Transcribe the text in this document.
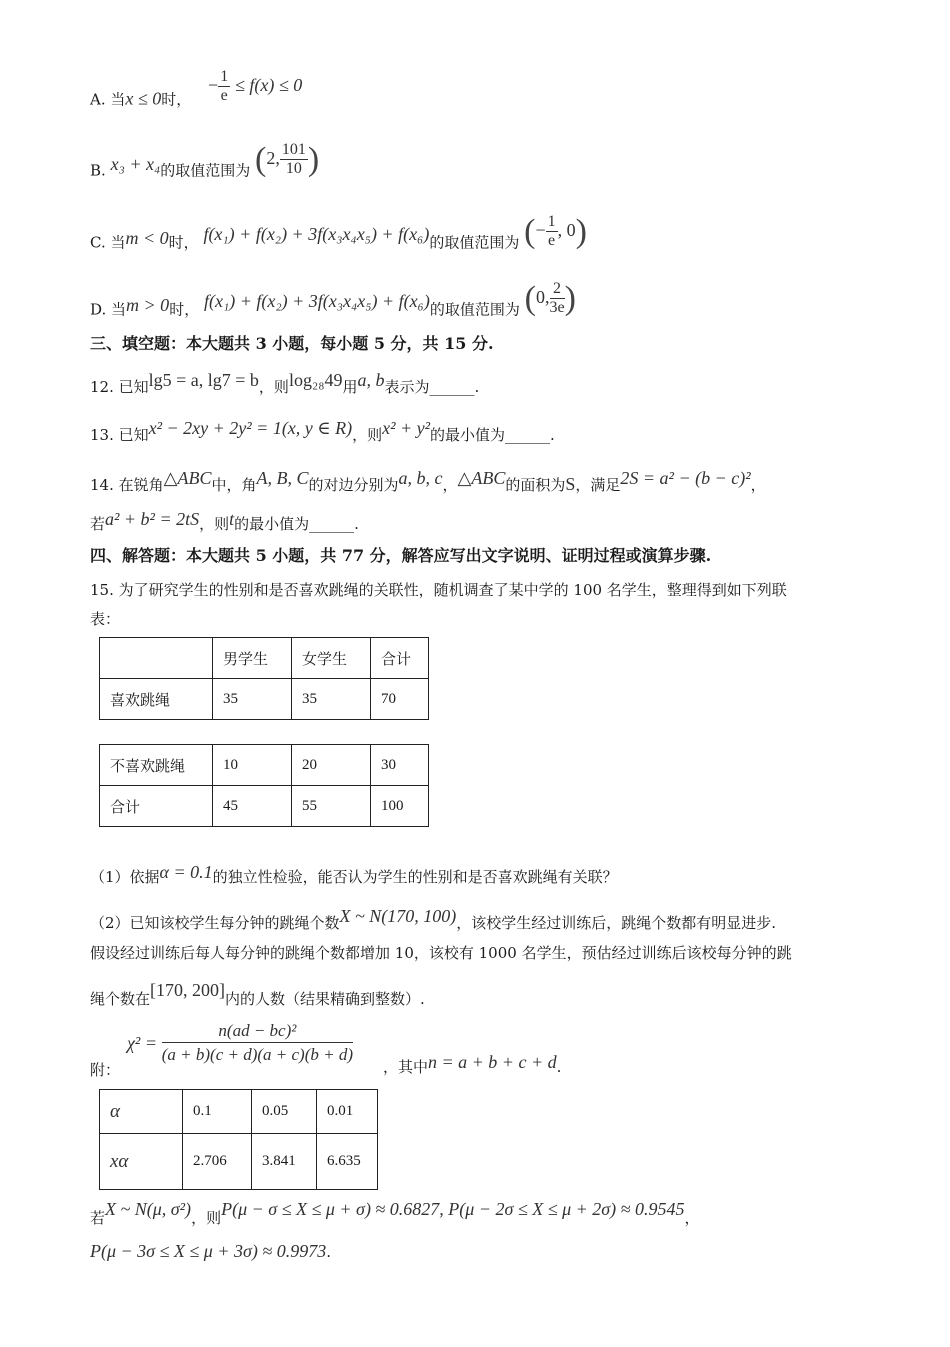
A. 当x ≤ 0时， − $\frac{1}{e} \le f(x) \le 0$
B. x₃ + x₄的取值范围为 (2, $\frac{101}{10}$ )
C. 当m < 0时， f(x₁) + f(x₂) + 3f(x₃x₄x₅) + f(x₆)的取值范围为 (− $\frac{1}{e}$ , 0)
D. 当m > 0时， f(x₁) + f(x₂) + 3f(x₃x₄x₅) + f(x₆)的取值范围为 (0, $\frac{2}{3e}$ )
三、填空题：本大题共 3 小题，每小题 5 分，共 15 分.
12. 已知lg5 = a, lg7 = b，则log₂₈49用a, b表示为______.
13. 已知x² − 2xy + 2y² = 1(x, y ∈ R)，则x² + y²的最小值为______.
14. 在锐角△ABC中，角A, B, C的对边分别为a, b, c，△ABC的面积为S，满足2S = a² − (b − c)²，
若a² + b² = 2tS，则t的最小值为______.
四、解答题：本大题共 5 小题，共 77 分，解答应写出文字说明、证明过程或演算步骤.
15. 为了研究学生的性别和是否喜欢跳绳的关联性，随机调查了某中学的 100 名学生，整理得到如下列联
表：
	男学生	女学生	合计
喜欢跳绳	35	35	70
不喜欢跳绳	10	20	30
合计	45	55	100
（1）依据α = 0.1的独立性检验，能否认为学生的性别和是否喜欢跳绳有关联？
（2）已知该校学生每分钟的跳绳个数X ~ N(170, 100)，该校学生经过训练后，跳绳个数都有明显进步.
假设经过训练后每人每分钟的跳绳个数都增加 10，该校有 1000 名学生，预估经过训练后该校每分钟的跳
绳个数在[170, 200]内的人数（结果精确到整数）.
附：
$\chi^2 = \frac{\text{n(ad − bc)²}}{(a + b)(c + d)(a + c)(b + d)}$ ，其中n = a + b + c + d.
α	0.1	0.05	0.01
xα	2.706	3.841	6.635
若X ~ N(μ, σ²)，则P(μ − σ ≤ X ≤ μ + σ) ≈ 0.6827, P(μ − 2σ ≤ X ≤ μ + 2σ) ≈ 0.9545，
P(μ − 3σ ≤ X ≤ μ + 3σ) ≈ 0.9973.
